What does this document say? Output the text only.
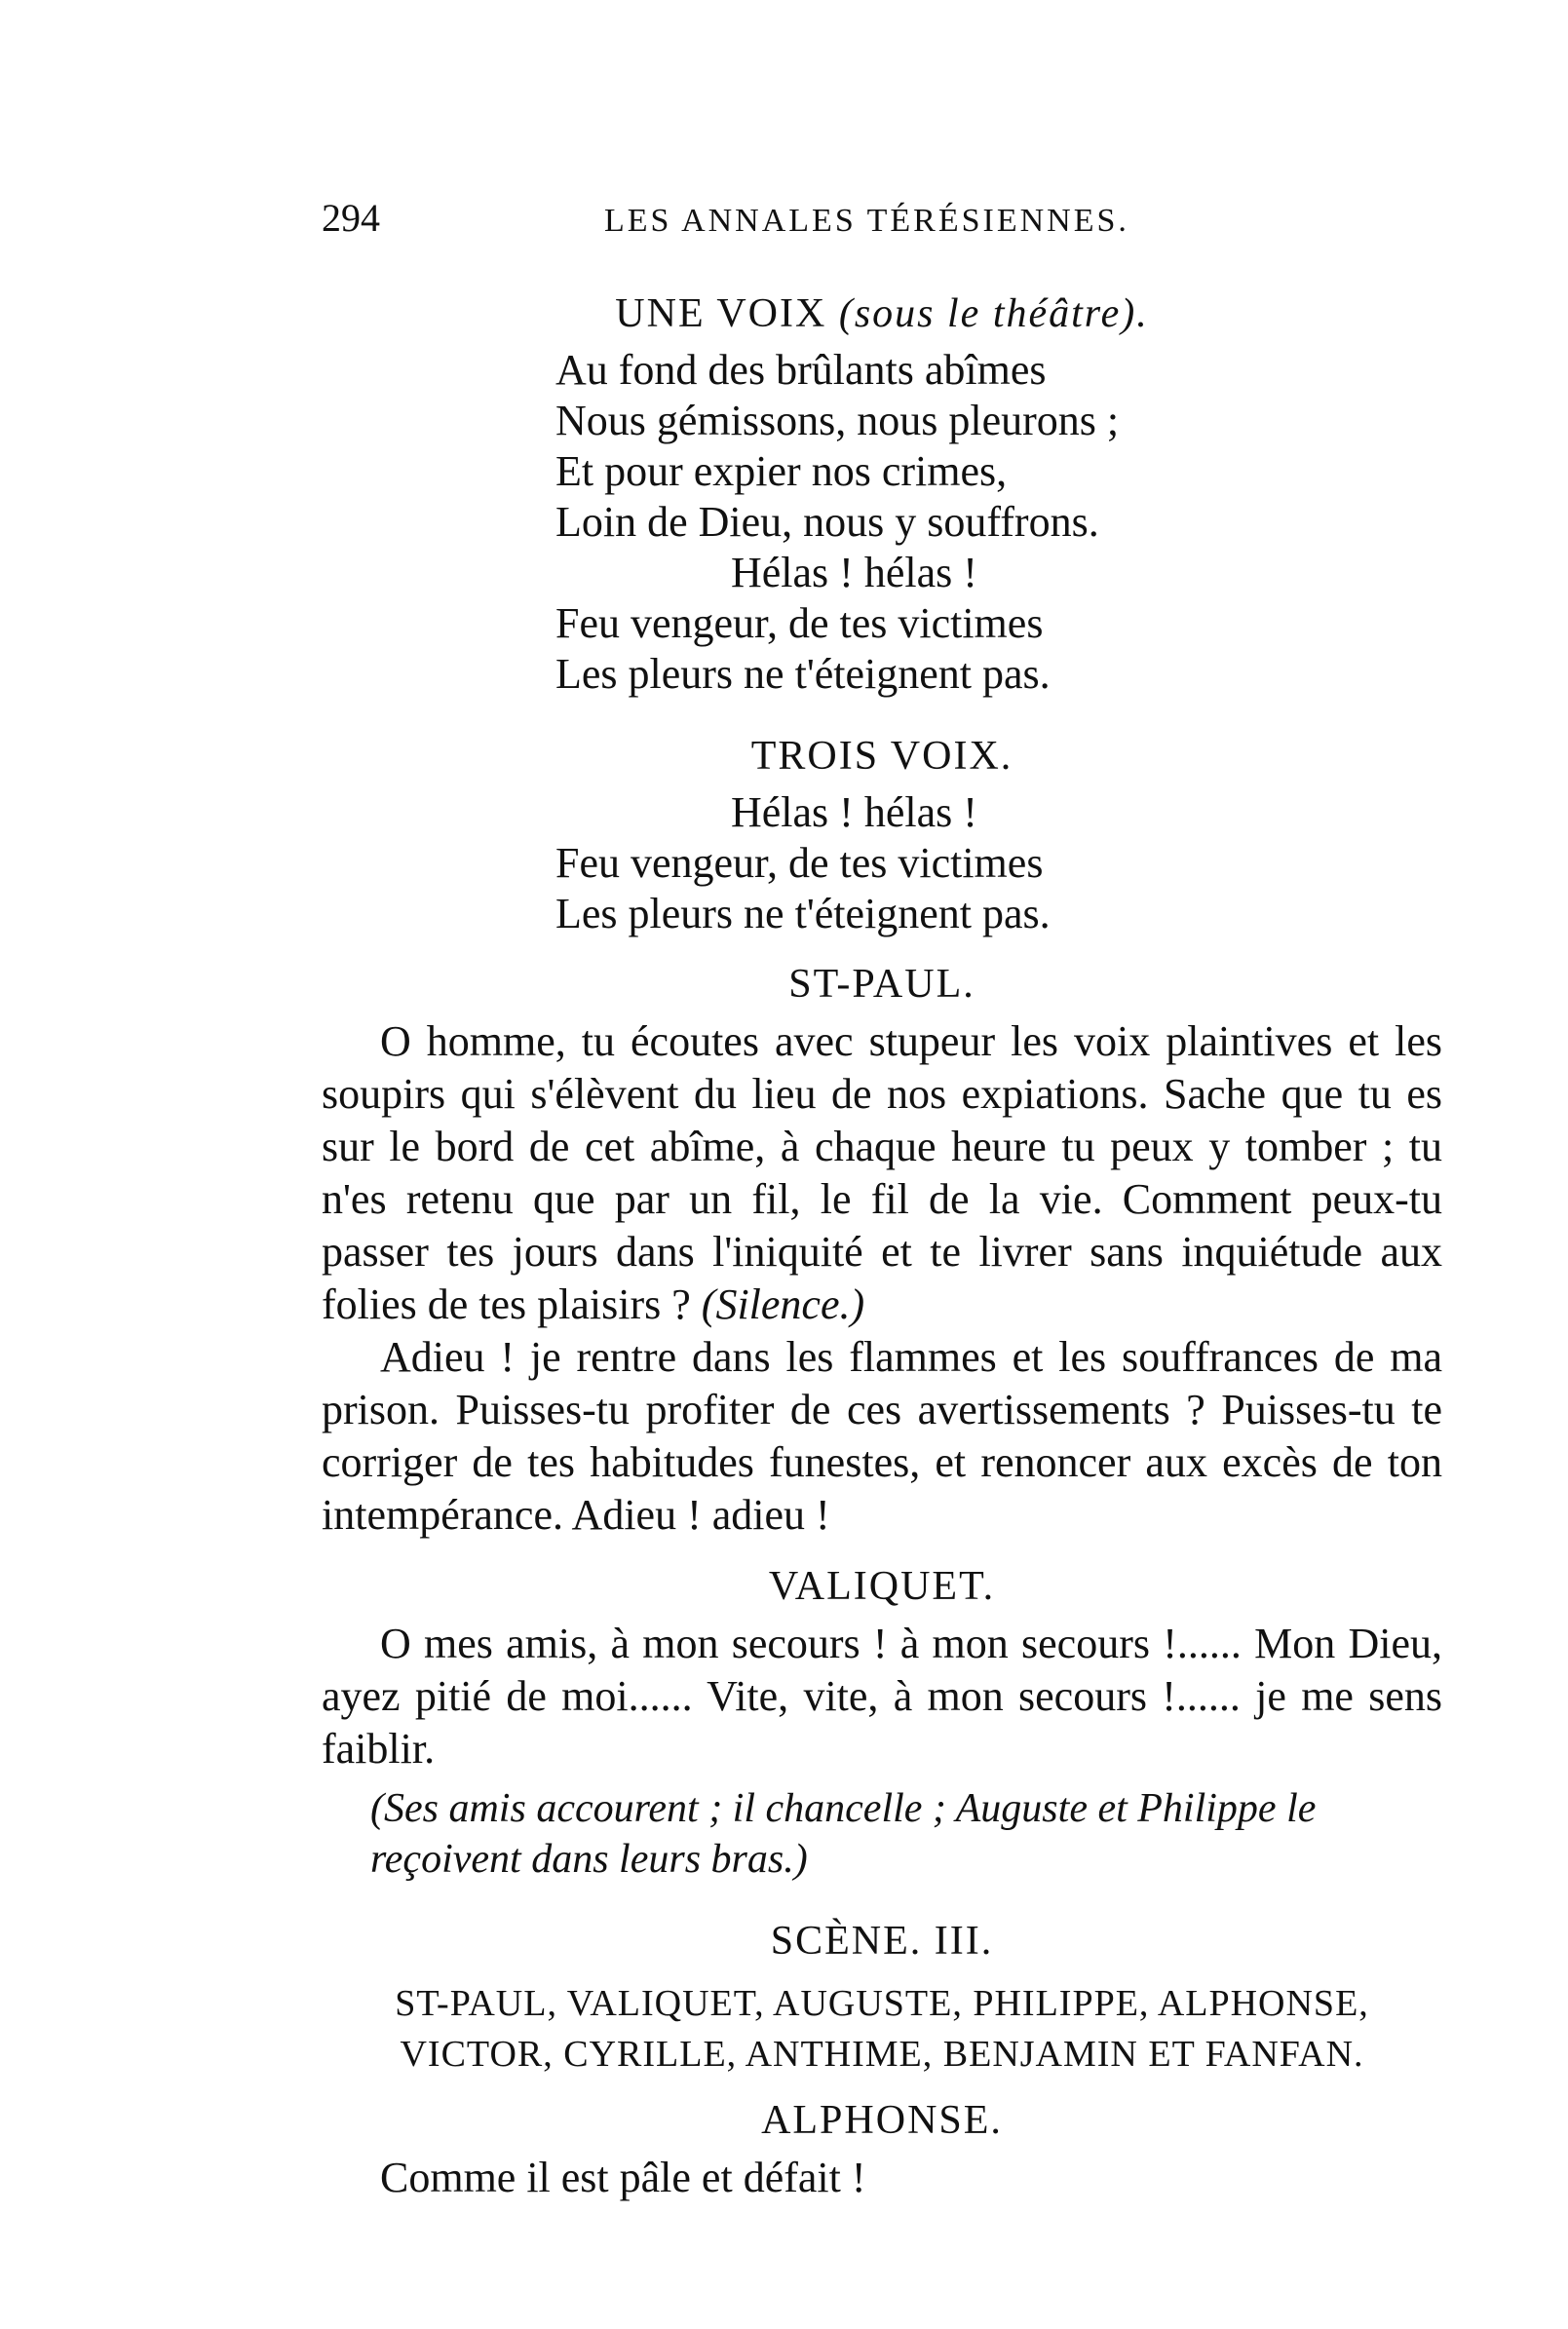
294	LES ANNALES TÉRÉSIENNES.

UNE VOIX (sous le théâtre).

Au fond des brûlants abîmes
Nous gémissons, nous pleurons ;
Et pour expier nos crimes,
Loin de Dieu, nous y souffrons.
Hélas ! hélas !
Feu vengeur, de tes victimes
Les pleurs ne t'éteignent pas.

TROIS VOIX.

Hélas ! hélas !
Feu vengeur, de tes victimes
Les pleurs ne t'éteignent pas.

ST-PAUL.

O homme, tu écoutes avec stupeur les voix plaintives et les soupirs qui s'élèvent du lieu de nos expiations. Sache que tu es sur le bord de cet abîme, à chaque heure tu peux y tomber ; tu n'es retenu que par un fil, le fil de la vie. Comment peux-tu passer tes jours dans l'iniquité et te livrer sans inquiétude aux folies de tes plaisirs ? (Silence.)

Adieu ! je rentre dans les flammes et les souffrances de ma prison. Puisses-tu profiter de ces avertissements ? Puisses-tu te corriger de tes habitudes funestes, et renoncer aux excès de ton intempérance. Adieu ! adieu !

VALIQUET.

O mes amis, à mon secours ! à mon secours !...... Mon Dieu, ayez pitié de moi...... Vite, vite, à mon secours !...... je me sens faiblir.

(Ses amis accourent ; il chancelle ; Auguste et Philippe le reçoivent dans leurs bras.)

SCÈNE. III.

ST-PAUL, VALIQUET, AUGUSTE, PHILIPPE, ALPHONSE, VICTOR, CYRILLE, ANTHIME, BENJAMIN ET FANFAN.

ALPHONSE.

Comme il est pâle et défait !
